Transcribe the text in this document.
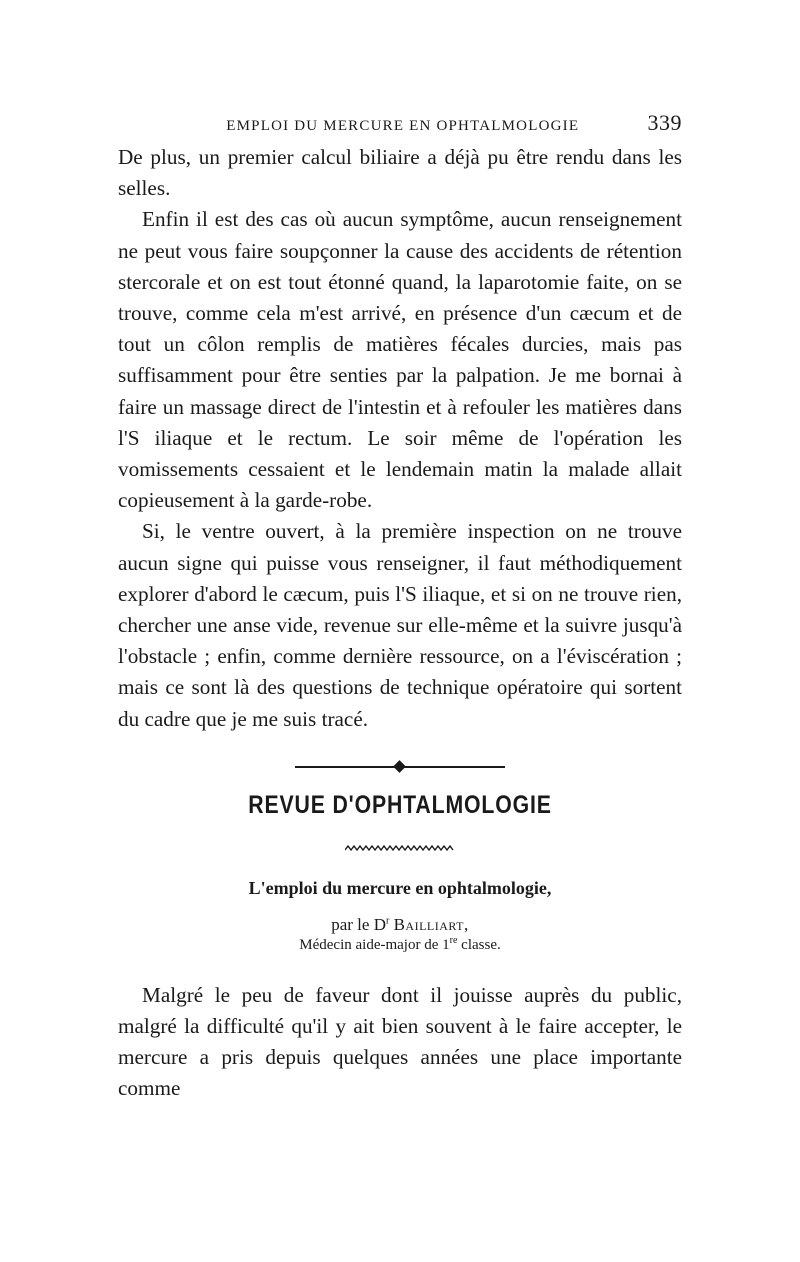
EMPLOI DU MERCURE EN OPHTALMOLOGIE	339

De plus, un premier calcul biliaire a déjà pu être rendu dans les selles.

Enfin il est des cas où aucun symptôme, aucun renseignement ne peut vous faire soupçonner la cause des accidents de rétention stercorale et on est tout étonné quand, la laparotomie faite, on se trouve, comme cela m'est arrivé, en présence d'un cæcum et de tout un côlon remplis de matières fécales durcies, mais pas suffisamment pour être senties par la palpation. Je me bornai à faire un massage direct de l'intestin et à refouler les matières dans l'S iliaque et le rectum. Le soir même de l'opération les vomissements cessaient et le lendemain matin la malade allait copieusement à la garde-robe.

Si, le ventre ouvert, à la première inspection on ne trouve aucun signe qui puisse vous renseigner, il faut méthodiquement explorer d'abord le cæcum, puis l'S iliaque, et si on ne trouve rien, chercher une anse vide, revenue sur elle-même et la suivre jusqu'à l'obstacle ; enfin, comme dernière ressource, on a l'éviscération ; mais ce sont là des questions de technique opératoire qui sortent du cadre que je me suis tracé.

REVUE D'OPHTALMOLOGIE
L'emploi du mercure en ophtalmologie,
par le $D^r$ Bailliart,
Médecin aide-major de 1re classe.

Malgré le peu de faveur dont il jouisse auprès du public, malgré la difficulté qu'il y ait bien souvent à le faire accepter, le mercure a pris depuis quelques années une place importante comme
